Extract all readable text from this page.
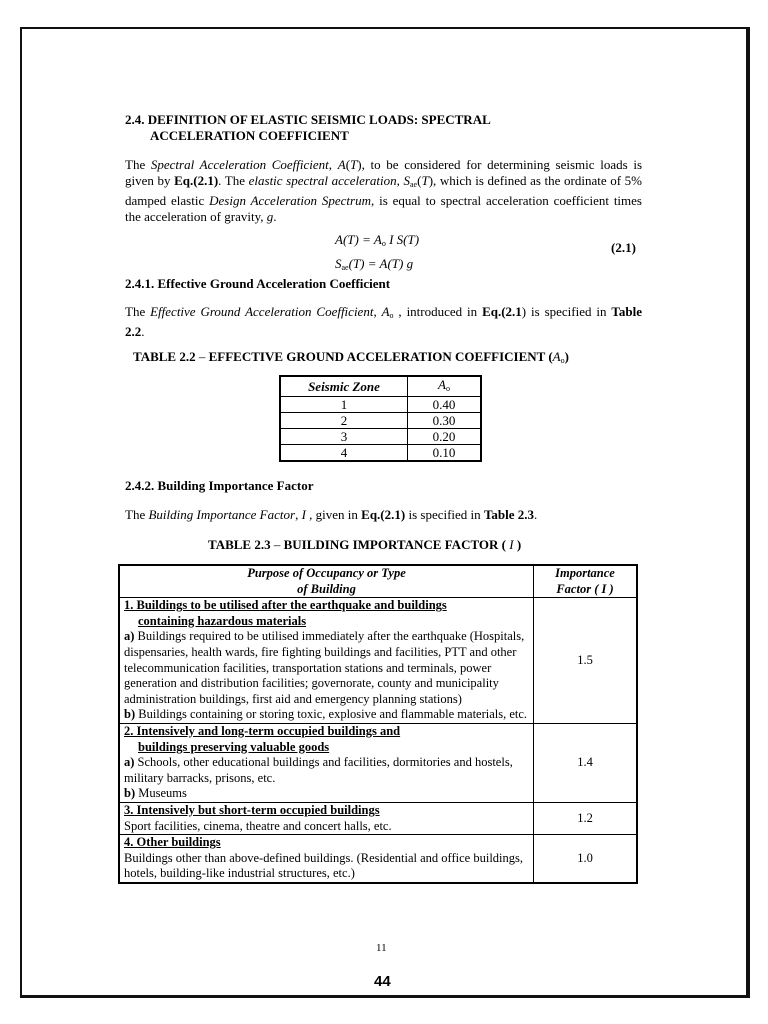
2.4. DEFINITION OF ELASTIC SEISMIC LOADS: SPECTRAL
ACCELERATION COEFFICIENT
The Spectral Acceleration Coefficient, A(T), to be considered for determining seismic loads is given by Eq.(2.1). The elastic spectral acceleration, $S_{ae}(T)$, which is defined as the ordinate of 5% damped elastic Design Acceleration Spectrum, is equal to spectral acceleration coefficient times the acceleration of gravity, g.
$A(T) = A_o$ I S(T)
$S_{ae}(T) = A(T)$ g
(2.1)
2.4.1. Effective Ground Acceleration Coefficient
The Effective Ground Acceleration Coefficient, $A_o$ , introduced in Eq.(2.1) is specified in Table 2.2.
TABLE 2.2 – EFFECTIVE GROUND ACCELERATION COEFFICIENT $(A_o)$
Seismic Zone	$A_o$
1	0.40
2	0.30
3	0.20
4	0.10
2.4.2. Building Importance Factor
The Building Importance Factor, I , given in Eq.(2.1) is specified in Table 2.3.
TABLE 2.3 – BUILDING IMPORTANCE FACTOR ( I )
Purpose of Occupancy or Type
of Building	Importance
Factor ( I )
1. Buildings to be utilised after the earthquake and buildings
containing hazardous materials
a) Buildings required to be utilised immediately after the earthquake (Hospitals, dispensaries, health wards, fire fighting buildings and facilities, PTT and other telecommunication facilities, transportation stations and terminals, power generation and distribution facilities; governorate, county and municipality administration buildings, first aid and emergency planning stations)
b) Buildings containing or storing toxic, explosive and flammable materials, etc.	1.5
2. Intensively and long-term occupied buildings and
buildings preserving valuable goods
a) Schools, other educational buildings and facilities, dormitories and hostels, military barracks, prisons, etc.
b) Museums	1.4
3. Intensively but short-term occupied buildings
Sport facilities, cinema, theatre and concert halls, etc.	1.2
4. Other buildings
Buildings other than above-defined buildings. (Residential and office buildings, hotels, building-like industrial structures, etc.)	1.0
11
44
